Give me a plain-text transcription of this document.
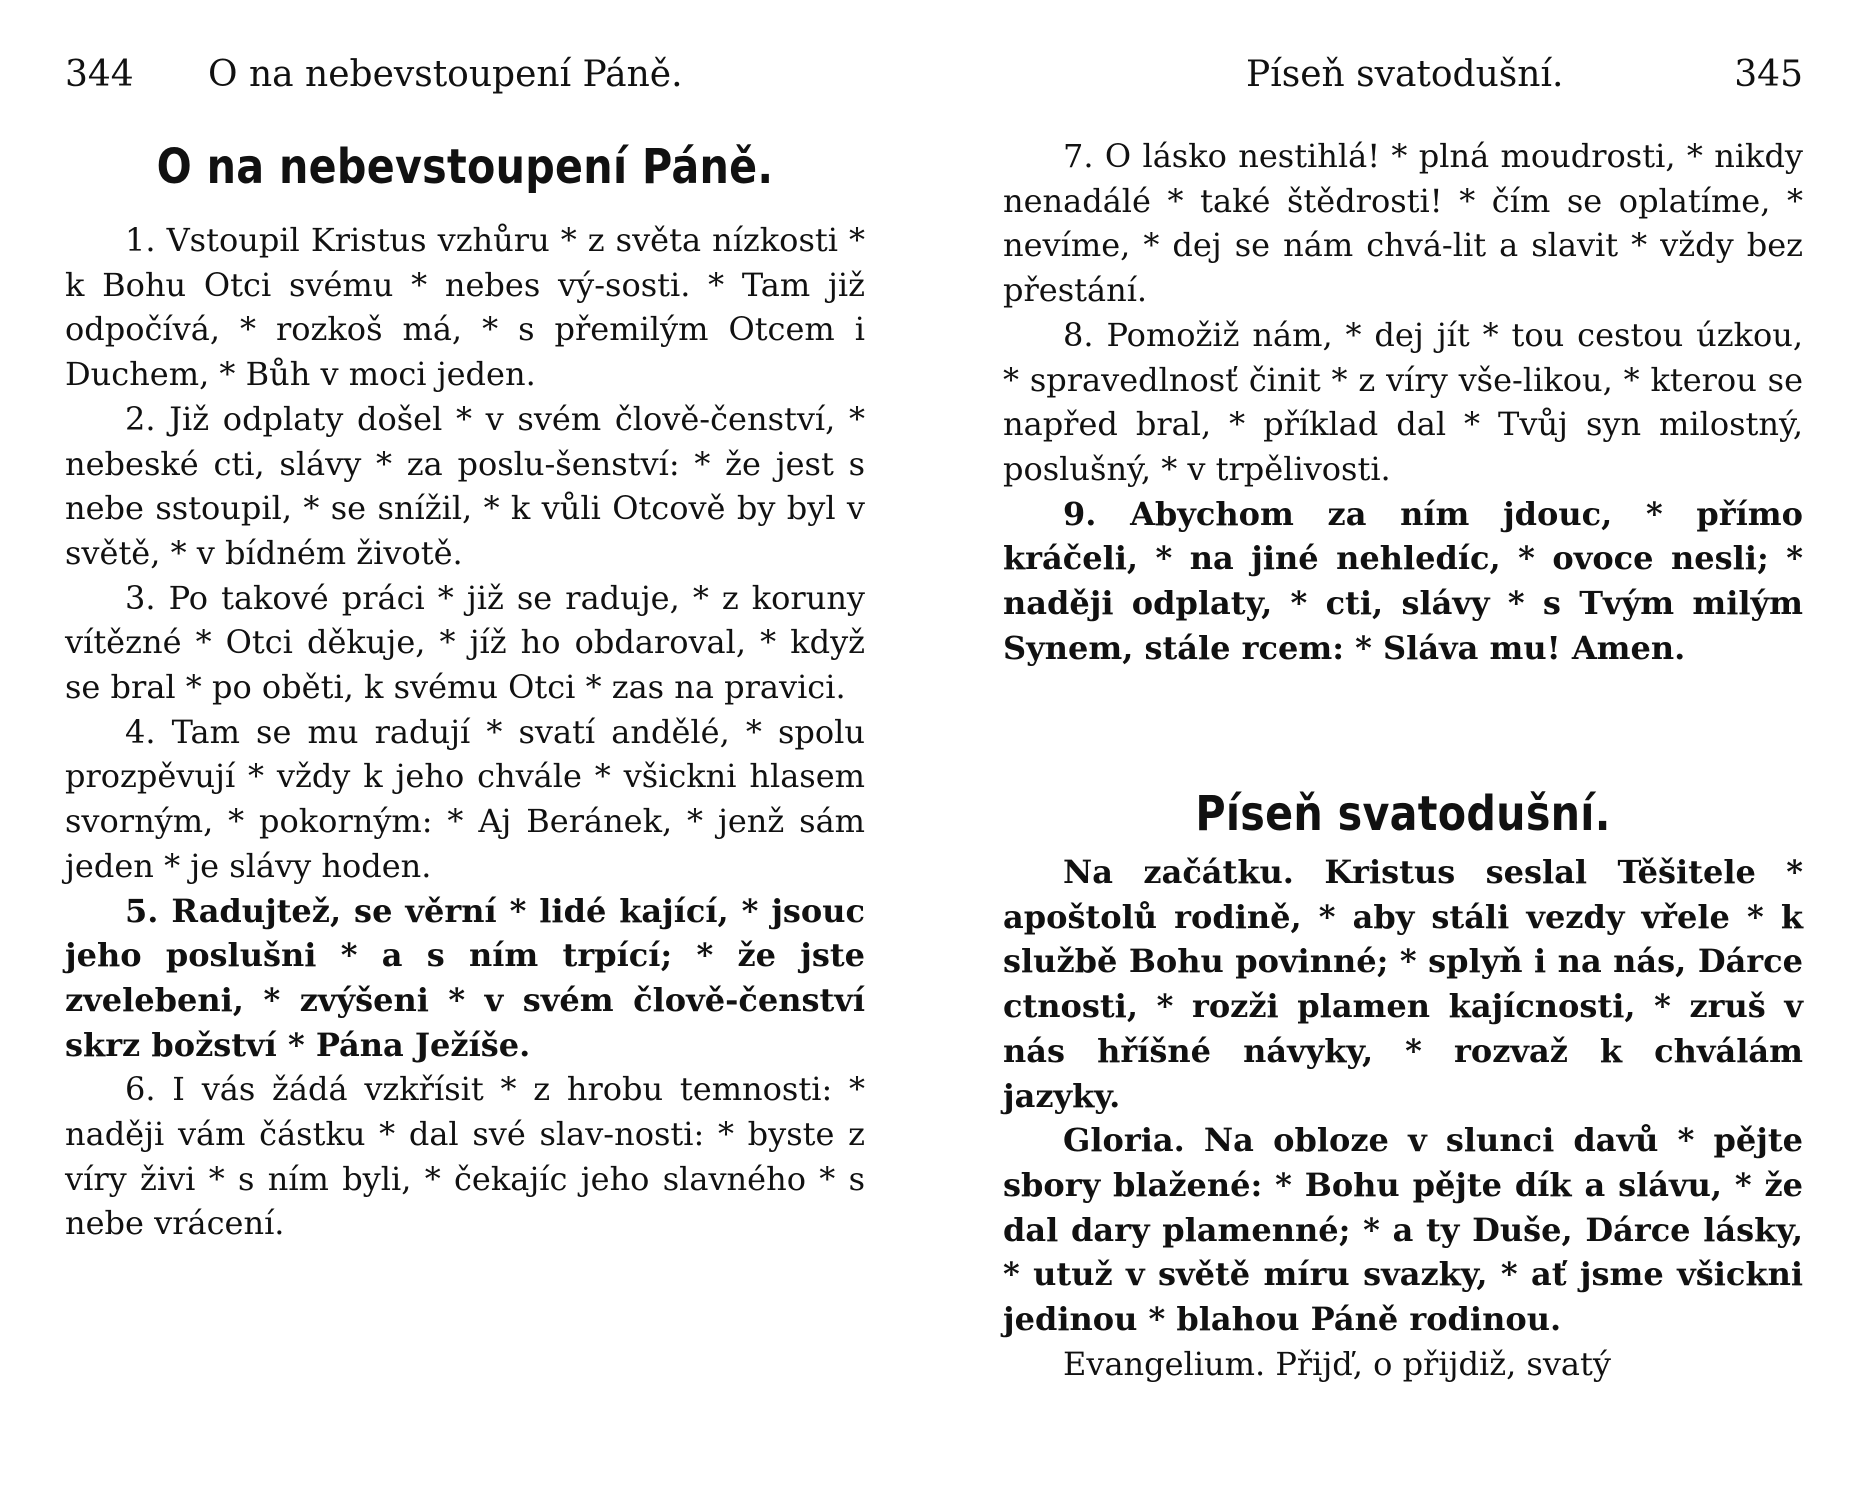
344 O na nebevstoupení Páně.
O na nebevstoupení Páně.

1. Vstoupil Kristus vzhůru * z světa nízkosti * k Bohu Otci svému * nebes vý-sosti. * Tam již odpočívá, * rozkoš má, * s přemilým Otcem i Duchem, * Bůh v moci jeden.

2. Již odplaty došel * v svém člově-čenství, * nebeské cti, slávy * za poslu-šenství: * že jest s nebe sstoupil, * se snížil, * k vůli Otcově by byl v světě, * v bídném životě.

3. Po takové práci * již se raduje, * z koruny vítězné * Otci děkuje, * jíž ho obdaroval, * když se bral * po oběti, k svému Otci * zas na pravici.

4. Tam se mu radují * svatí andělé, * spolu prozpěvují * vždy k jeho chvále * všickni hlasem svorným, * pokorným: * Aj Beránek, * jenž sám jeden * je slávy hoden.

5. Radujtež, se věrní * lidé kající, * jsouc jeho poslušni * a s ním trpící; * že jste zvelebeni, * zvýšeni * v svém člově-čenství skrz božství * Pána Ježíše.

6. I vás žádá vzkřísit * z hrobu temnosti: * naději vám částku * dal své slav-nosti: * byste z víry živi * s ním byli, * čekajíc jeho slavného * s nebe vrácení.

Píseň svatodušní.	345

7. O lásko nestihlá! * plná moudrosti, * nikdy nenadálé * také štědrosti! * čím se oplatíme, * nevíme, * dej se nám chvá-lit a slavit * vždy bez přestání.

8. Pomožiž nám, * dej jít * tou cestou úzkou, * spravedlnosť činit * z víry vše-likou, * kterou se napřed bral, * příklad dal * Tvůj syn milostný, poslušný, * v trpělivosti.

9. Abychom za ním jdouc, * přímo kráčeli, * na jiné nehledíc, * ovoce nesli; * naději odplaty, * cti, slávy * s Tvým milým Synem, stále rcem: * Sláva mu! Amen.

Píseň svatodušní.

Na začátku. Kristus seslal Těšitele * apoštolů rodině, * aby stáli vezdy vřele * k službě Bohu povinné; * splyň i na nás, Dárce ctnosti, * rozži plamen kajícnosti, * zruš v nás hříšné návyky, * rozvaž k chválám jazyky.

Gloria. Na obloze v slunci davů * pějte sbory blažené: * Bohu pějte dík a slávu, * že dal dary plamenné; * a ty Duše, Dárce lásky, * utuž v světě míru svazky, * ať jsme všickni jedinou * blahou Páně rodinou.

Evangelium. Přijď, o přijdiž, svatý
